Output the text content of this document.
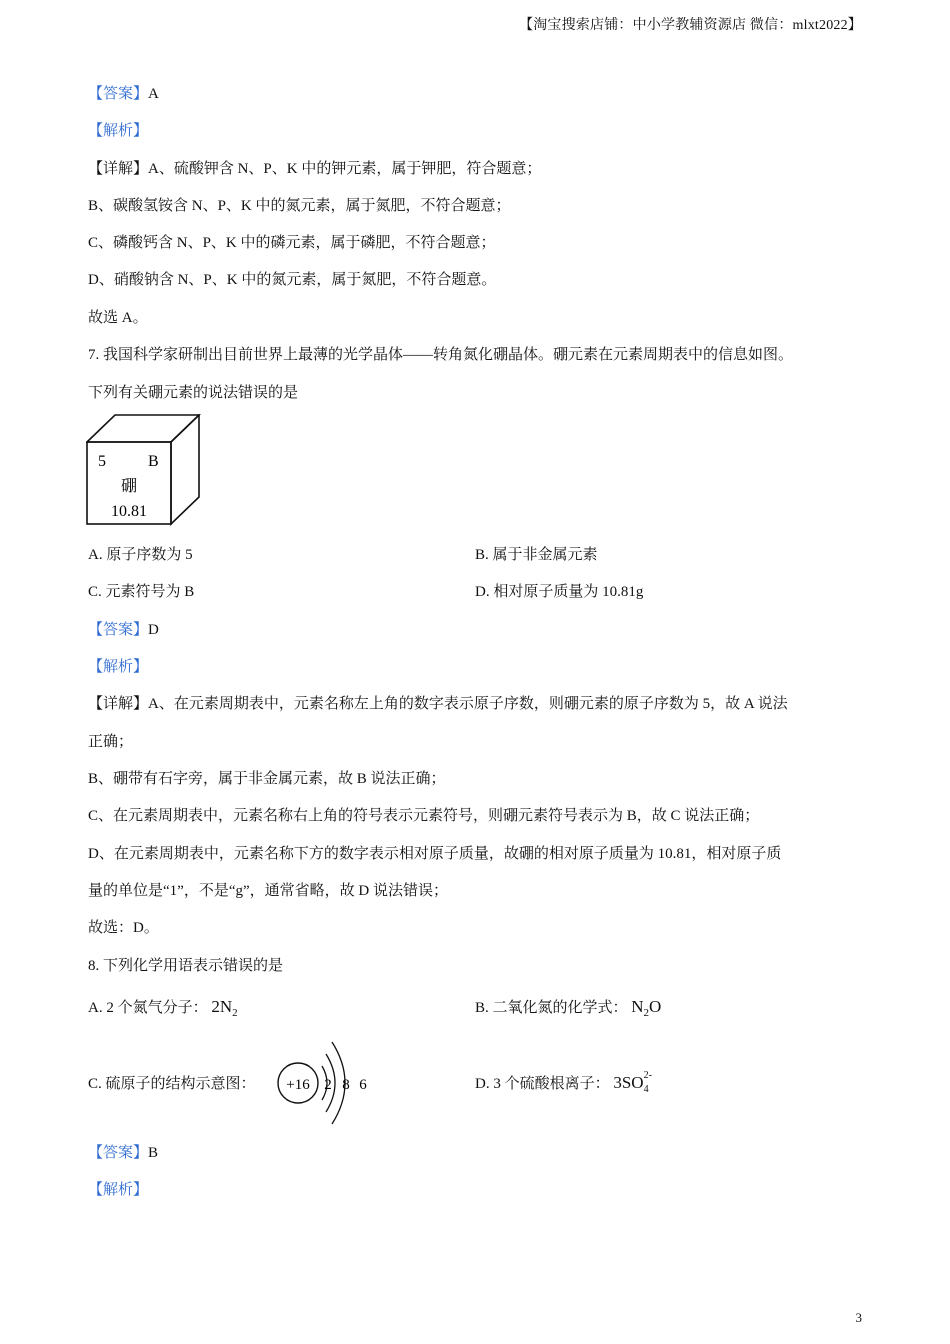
【淘宝搜索店铺：中小学教辅资源店 微信：mlxt2022】
【答案】A
【解析】
【详解】A、硫酸钾含 N、P、K 中的钾元素，属于钾肥，符合题意；
B、碳酸氢铵含 N、P、K 中的氮元素，属于氮肥，不符合题意；
C、磷酸钙含 N、P、K 中的磷元素，属于磷肥，不符合题意；
D、硝酸钠含 N、P、K 中的氮元素，属于氮肥，不符合题意。
故选 A。
7. 我国科学家研制出目前世界上最薄的光学晶体——转角氮化硼晶体。硼元素在元素周期表中的信息如图。
下列有关硼元素的说法错误的是
5	B
硼
10.81
A. 原子序数为 5	B. 属于非金属元素
C. 元素符号为 B	D. 相对原子质量为 10.81g
【答案】D
【解析】
【详解】A、在元素周期表中，元素名称左上角的数字表示原子序数，则硼元素的原子序数为 5，故 A 说法
正确；
B、硼带有石字旁，属于非金属元素，故 B 说法正确；
C、在元素周期表中，元素名称右上角的符号表示元素符号，则硼元素符号表示为 B，故 C 说法正确；
D、在元素周期表中，元素名称下方的数字表示相对原子质量，故硼的相对原子质量为 10.81，相对原子质
量的单位是“1”，不是“g”，通常省略，故 D 说法错误；
故选：D。
8. 下列化学用语表示错误的是
A. 2 个氮气分子： $2N_2$	B. 二氧化氮的化学式： $N_2O$
C. 硫原子的结构示意图： +16 2 8 6	D. 3 个硫酸根离子： 3SO 2-
4
【答案】B
【解析】
3
